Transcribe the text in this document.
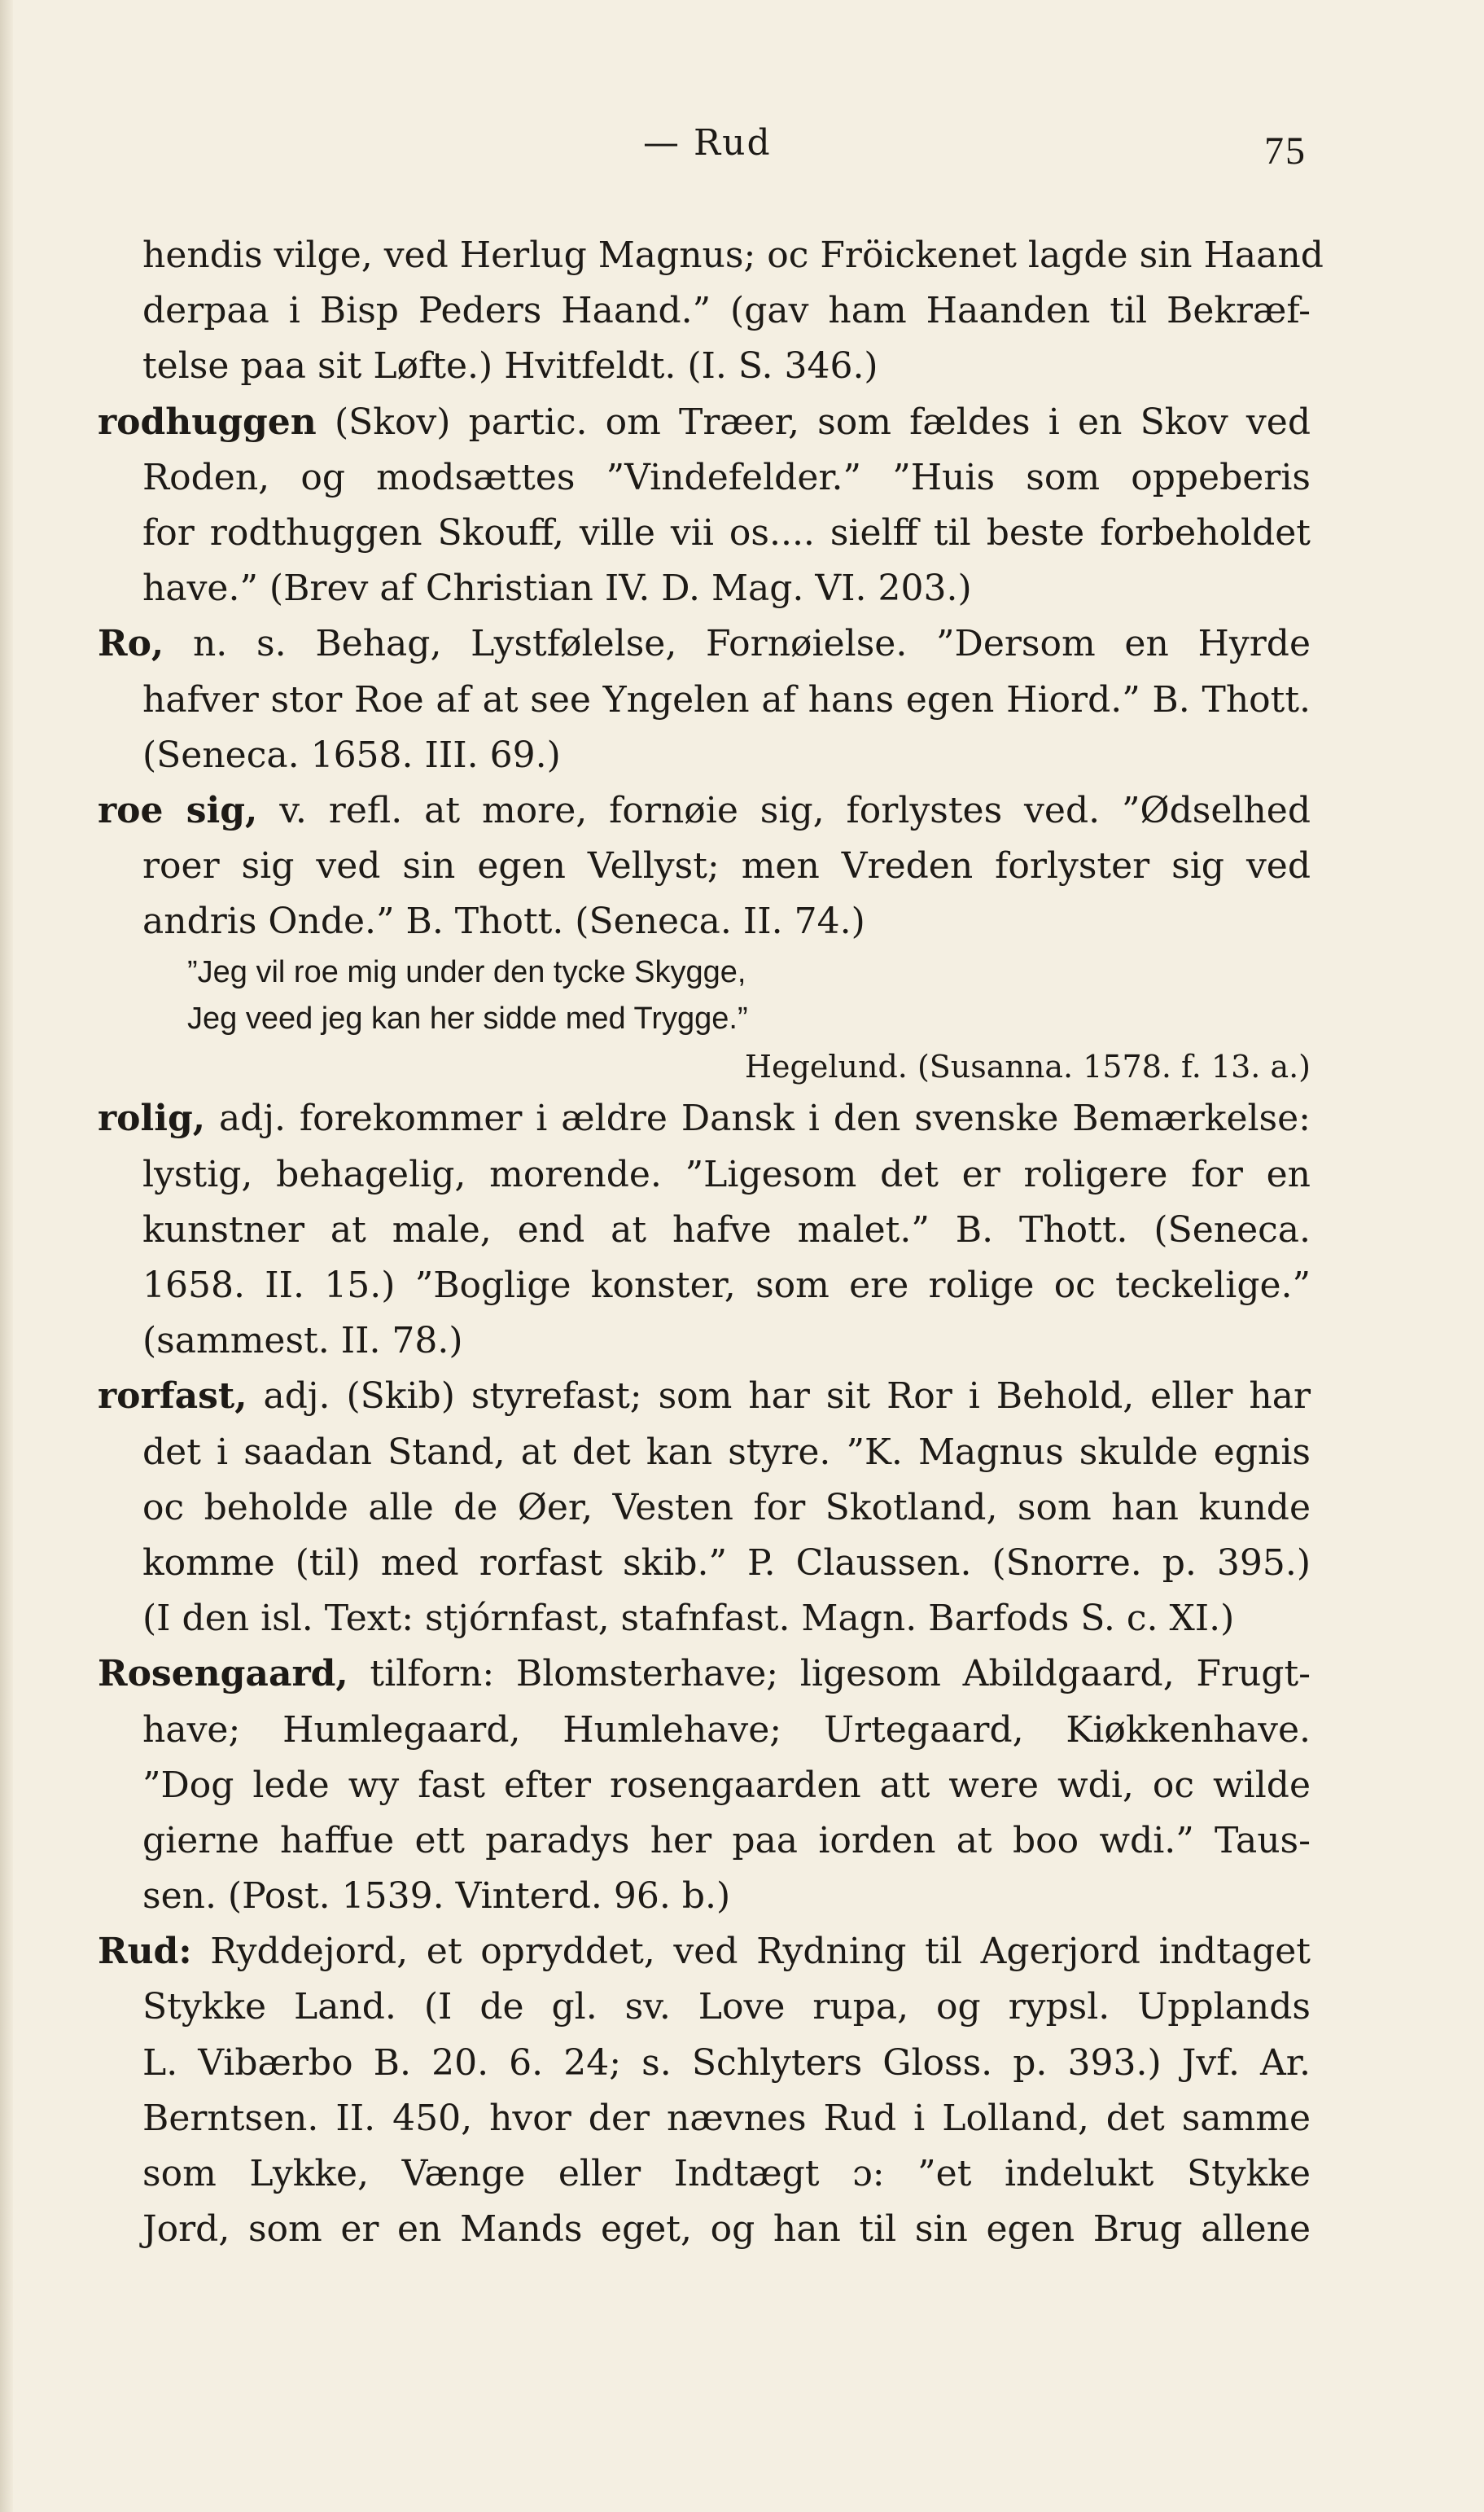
— Rud	75
hendis vilge, ved Herlug Magnus; oc Fröickenet lagde sin Haand
derpaa i Bisp Peders Haand.” (gav ham Haanden til Bekræf-
telse paa sit Løfte.) Hvitfeldt. (I. S. 346.)
rodhuggen (Skov) partic. om Træer, som fældes i en Skov ved
Roden, og modsættes ”Vindefelder.” ”Huis som oppeberis
for rodthuggen Skouff, ville vii os.... sielff til beste forbeholdet
have.” (Brev af Christian IV. D. Mag. VI. 203.)
Ro, n. s. Behag, Lystfølelse, Fornøielse. ”Dersom en Hyrde
hafver stor Roe af at see Yngelen af hans egen Hiord.” B. Thott.
(Seneca. 1658. III. 69.)
roe sig, v. refl. at more, fornøie sig, forlystes ved. ”Ødselhed
roer sig ved sin egen Vellyst; men Vreden forlyster sig ved
andris Onde.” B. Thott. (Seneca. II. 74.)
”Jeg vil roe mig under den tycke Skygge,
Jeg veed jeg kan her sidde med Trygge.”
Hegelund. (Susanna. 1578. f. 13. a.)
rolig, adj. forekommer i ældre Dansk i den svenske Bemærkelse:
lystig, behagelig, morende. ”Ligesom det er roligere for en
kunstner at male, end at hafve malet.” B. Thott. (Seneca.
1658. II. 15.) ”Boglige konster, som ere rolige oc teckelige.”
(sammest. II. 78.)
rorfast, adj. (Skib) styrefast; som har sit Ror i Behold, eller har
det i saadan Stand, at det kan styre. ”K. Magnus skulde egnis
oc beholde alle de Øer, Vesten for Skotland, som han kunde
komme (til) med rorfast skib.” P. Claussen. (Snorre. p. 395.)
(I den isl. Text: stjórnfast, stafnfast. Magn. Barfods S. c. XI.)
Rosengaard, tilforn: Blomsterhave; ligesom Abildgaard, Frugt-
have; Humlegaard, Humlehave; Urtegaard, Kiøkkenhave.
”Dog lede wy fast efter rosengaarden att were wdi, oc wilde
gierne haffue ett paradys her paa iorden at boo wdi.” Taus-
sen. (Post. 1539. Vinterd. 96. b.)
Rud: Ryddejord, et opryddet, ved Rydning til Agerjord indtaget
Stykke Land. (I de gl. sv. Love rupa, og rypsl. Upplands
L. Vibærbo B. 20. 6. 24; s. Schlyters Gloss. p. 393.) Jvf. Ar.
Berntsen. II. 450, hvor der nævnes Rud i Lolland, det samme
som Lykke, Vænge eller Indtægt ɔ: ”et indelukt Stykke
Jord, som er en Mands eget, og han til sin egen Brug allene
